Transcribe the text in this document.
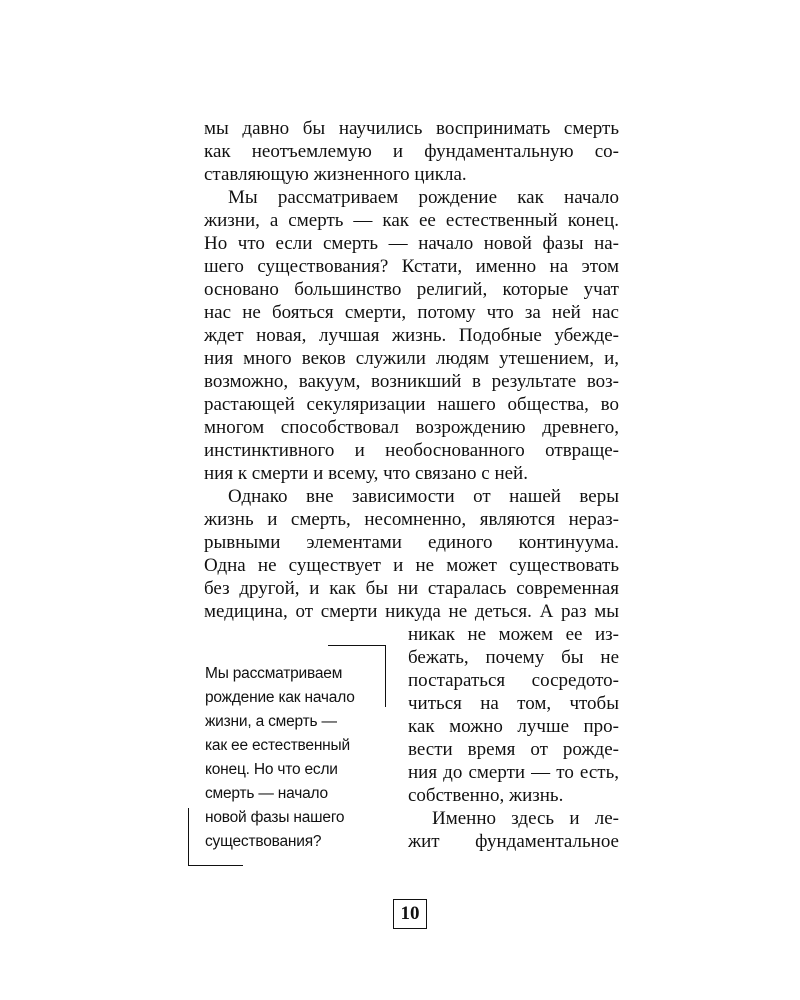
мы давно бы научились воспринимать смерть
как неотъемлемую и фундаментальную со-
ставляющую жизненного цикла.
Мы рассматриваем рождение как начало
жизни, а смерть — как ее естественный конец.
Но что если смерть — начало новой фазы на-
шего существования? Кстати, именно на этом
основано большинство религий, которые учат
нас не бояться смерти, потому что за ней нас
ждет новая, лучшая жизнь. Подобные убежде-
ния много веков служили людям утешением, и,
возможно, вакуум, возникший в результате воз-
растающей секуляризации нашего общества, во
многом способствовал возрождению древнего,
инстинктивного и необоснованного отвраще-
ния к смерти и всему, что связано с ней.
Однако вне зависимости от нашей веры
жизнь и смерть, несомненно, являются нераз-
рывными элементами единого континуума.
Одна не существует и не может существовать
без другой, и как бы ни старалась современная
медицина, от смерти никуда не деться. А раз мы
никак не можем ее из-
бежать, почему бы не
постараться сосредото-
читься на том, чтобы
как можно лучше про-
вести время от рожде-
ния до смерти — то есть,
собственно, жизнь.
Именно здесь и ле-
жит фундаментальное
Мы рассматриваем
рождение как начало
жизни, а смерть —
как ее естественный
конец. Но что если
смерть — начало
новой фазы нашего
существования?
10
